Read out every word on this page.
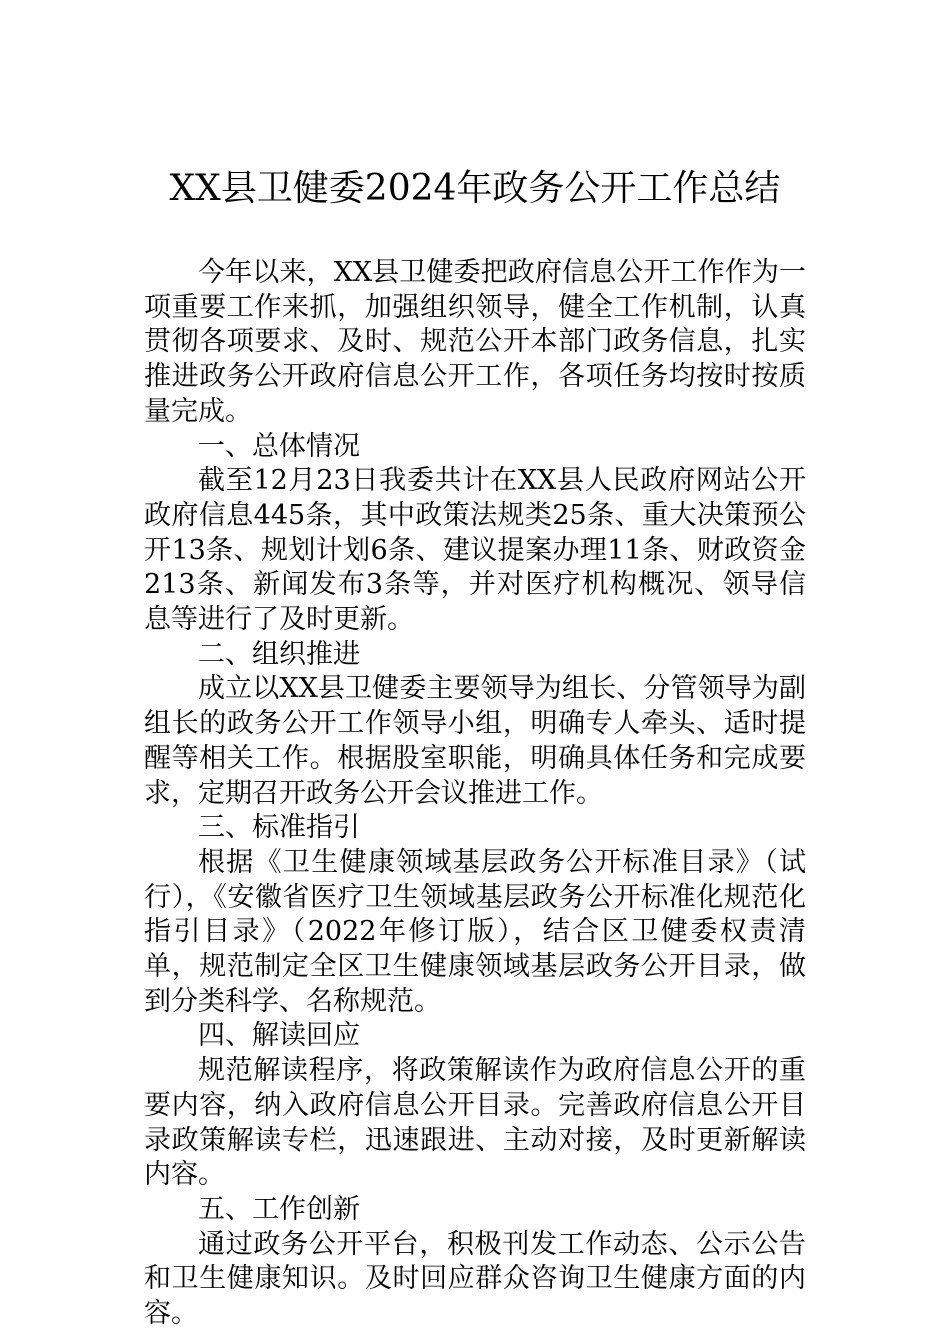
XX县卫健委2024年政务公开工作总结

今年以来，XX县卫健委把政府信息公开工作作为一项重要工作来抓，加强组织领导，健全工作机制，认真贯彻各项要求、及时、规范公开本部门政务信息，扎实推进政务公开政府信息公开工作，各项任务均按时按质量完成。

一、总体情况

截至12月23日我委共计在XX县人民政府网站公开政府信息445条，其中政策法规类25条、重大决策预公开13条、规划计划6条、建议提案办理11条、财政资金213条、新闻发布3条等，并对医疗机构概况、领导信息等进行了及时更新。

二、组织推进

成立以XX县卫健委主要领导为组长、分管领导为副组长的政务公开工作领导小组，明确专人牵头、适时提醒等相关工作。根据股室职能，明确具体任务和完成要求，定期召开政务公开会议推进工作。

三、标准指引

根据《卫生健康领域基层政务公开标准目录》（试行），《安徽省医疗卫生领域基层政务公开标准化规范化指引目录》（2022年修订版），结合区卫健委权责清单，规范制定全区卫生健康领域基层政务公开目录，做到分类科学、名称规范。

四、解读回应

规范解读程序，将政策解读作为政府信息公开的重要内容，纳入政府信息公开目录。完善政府信息公开目录政策解读专栏，迅速跟进、主动对接，及时更新解读内容。

五、工作创新

通过政务公开平台，积极刊发工作动态、公示公告和卫生健康知识。及时回应群众咨询卫生健康方面的内容。
